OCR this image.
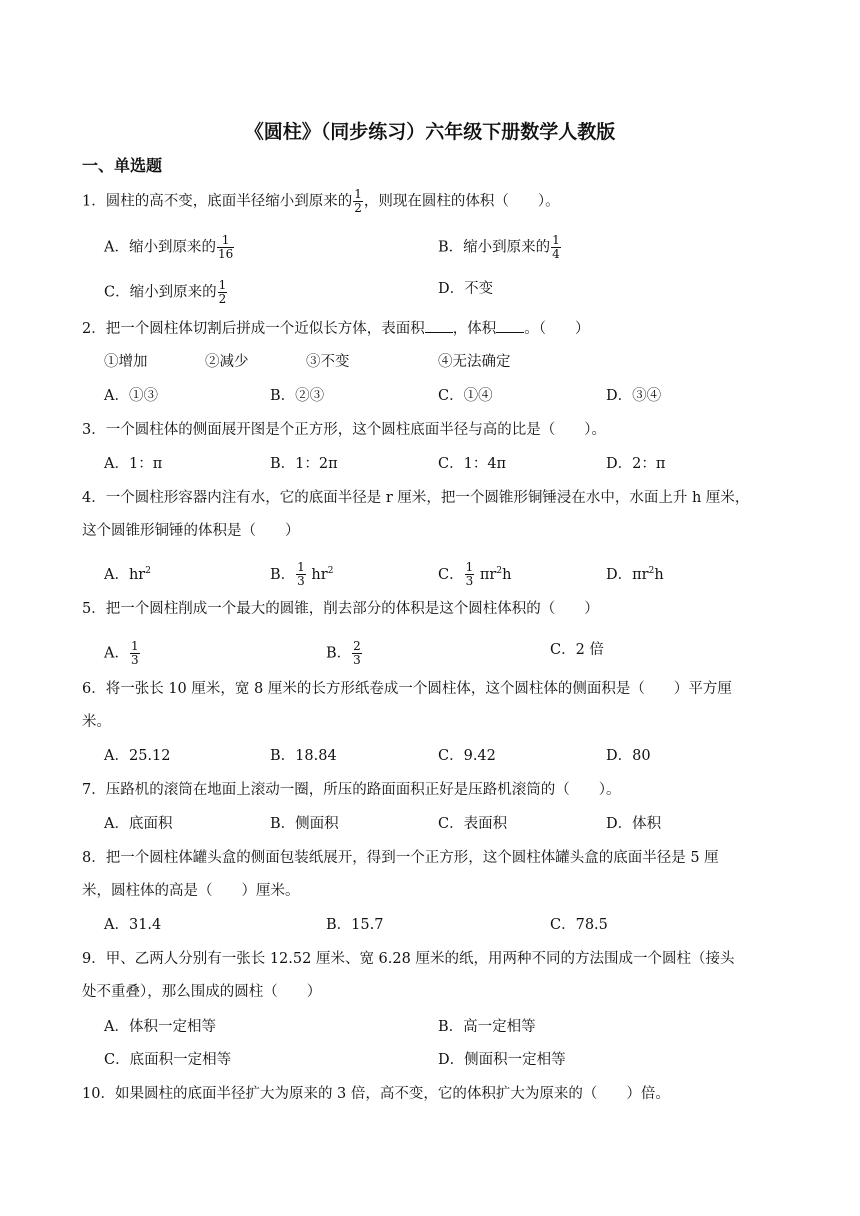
《圆柱》（同步练习）六年级下册数学人教版
一、单选题
1．圆柱的高不变，底面半径缩小到原来的 $\frac{1}{2}$ ，则现在圆柱的体积（　　）。
A．缩小到原来的 $\frac{1}{16}$	B．缩小到原来的 $\frac{1}{4}$
C．缩小到原来的 $\frac{1}{2}$	D．不变
2．把一个圆柱体切割后拼成一个近似长方体，表面积 ，体积 。（　　）
①增加	②减少	③不变	④无法确定
A．①③	B．②③	C．①④	D．③④
3．一个圆柱体的侧面展开图是个正方形，这个圆柱底面半径与高的比是（　　）。
A．1：π	B．1：2π	C．1：4π	D．2：π
4．一个圆柱形容器内注有水，它的底面半径是 r 厘米，把一个圆锥形铜锤浸在水中，水面上升 h 厘米，
这个圆锥形铜锤的体积是（　　）
A．$hr^2$	B． $\frac{1}{3} hr^2$	C． $\frac{1}{3} \pi r^2h$	D．$\pi r^2h$
5．把一个圆柱削成一个最大的圆锥，削去部分的体积是这个圆柱体积的（　　）
A． $\frac{1}{3}$	B． $\frac{2}{3}$	C．2 倍
6．将一张长 10 厘米，宽 8 厘米的长方形纸卷成一个圆柱体，这个圆柱体的侧面积是（　　）平方厘
米。
A．25.12	B．18.84	C．9.42	D．80
7．压路机的滚筒在地面上滚动一圈，所压的路面面积正好是压路机滚筒的（　　）。
A．底面积	B．侧面积	C．表面积	D．体积
8．把一个圆柱体罐头盒的侧面包装纸展开，得到一个正方形，这个圆柱体罐头盒的底面半径是 5 厘
米，圆柱体的高是（　　）厘米。
A．31.4	B．15.7	C．78.5
9．甲、乙两人分别有一张长 12.52 厘米、宽 6.28 厘米的纸，用两种不同的方法围成一个圆柱（接头
处不重叠），那么围成的圆柱（　　）
A．体积一定相等	B．高一定相等
C．底面积一定相等	D．侧面积一定相等
10．如果圆柱的底面半径扩大为原来的 3 倍，高不变，它的体积扩大为原来的（　　）倍。
